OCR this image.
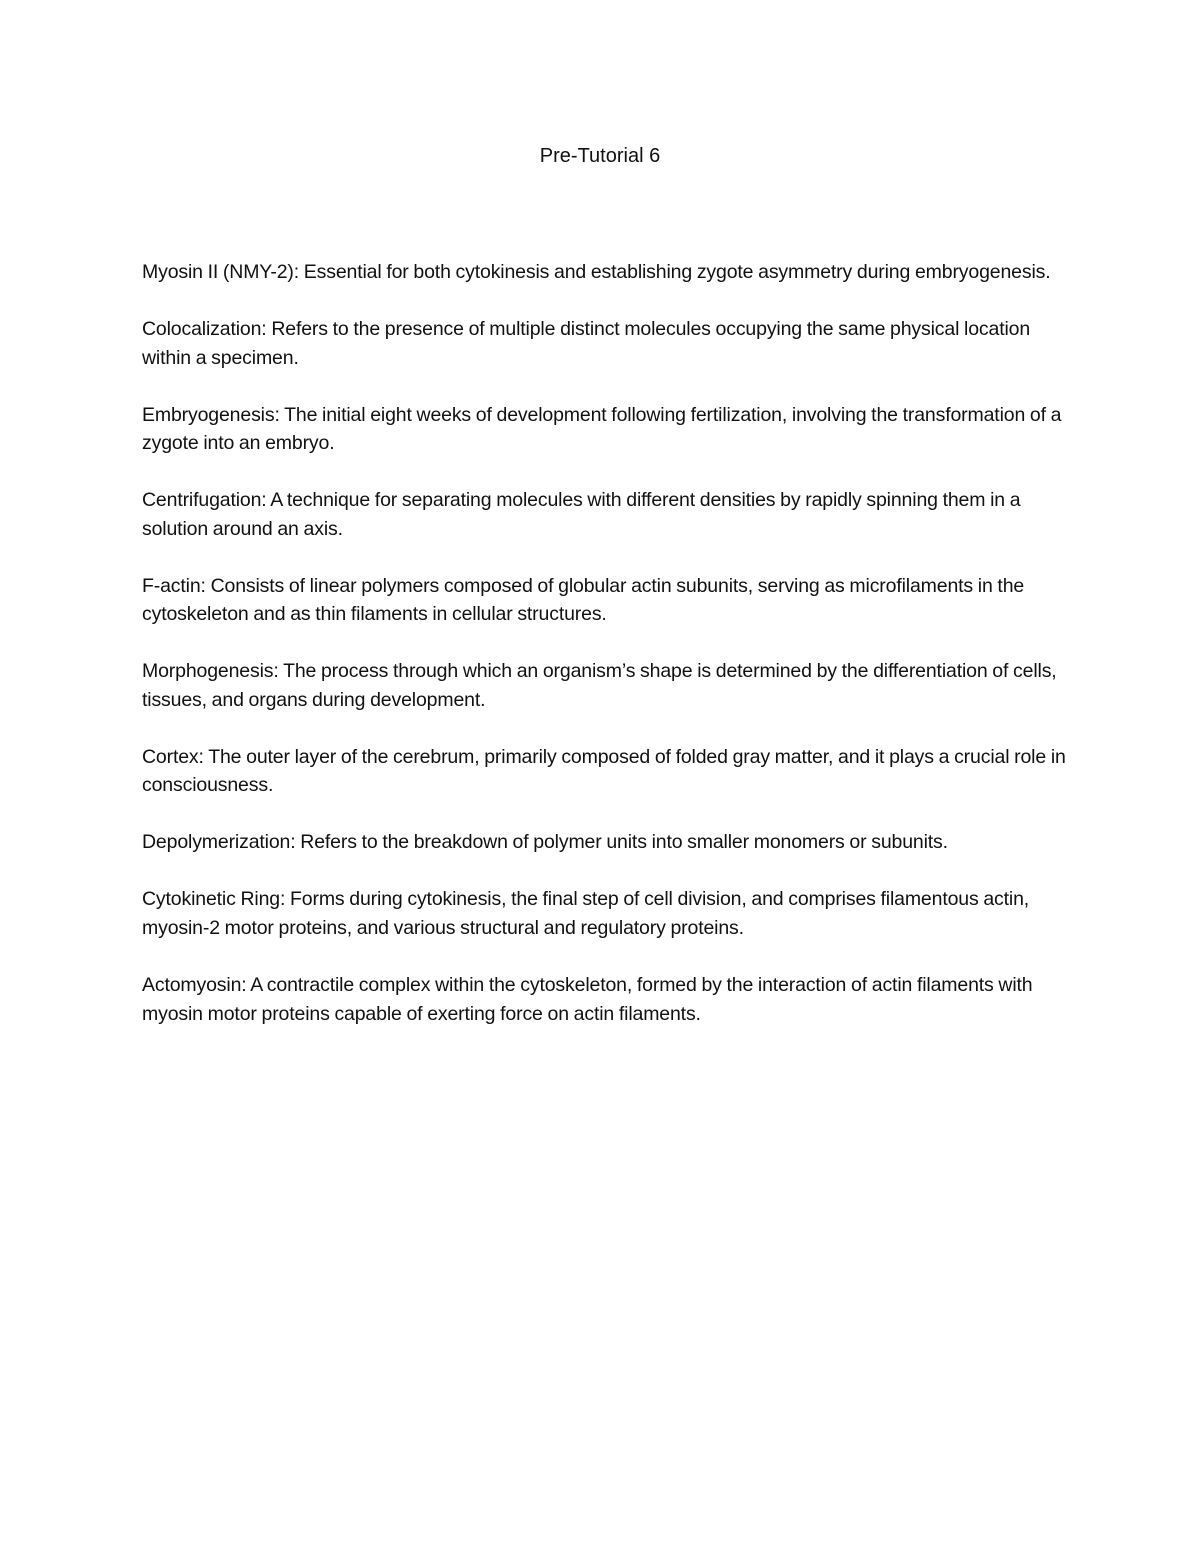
Pre-Tutorial 6

Myosin II (NMY-2): Essential for both cytokinesis and establishing zygote asymmetry during embryogenesis.

Colocalization: Refers to the presence of multiple distinct molecules occupying the same physical location within a specimen.

Embryogenesis: The initial eight weeks of development following fertilization, involving the transformation of a zygote into an embryo.

Centrifugation: A technique for separating molecules with different densities by rapidly spinning them in a solution around an axis.

F-actin: Consists of linear polymers composed of globular actin subunits, serving as microfilaments in the cytoskeleton and as thin filaments in cellular structures.

Morphogenesis: The process through which an organism’s shape is determined by the differentiation of cells, tissues, and organs during development.

Cortex: The outer layer of the cerebrum, primarily composed of folded gray matter, and it plays a crucial role in consciousness.

Depolymerization: Refers to the breakdown of polymer units into smaller monomers or subunits.

Cytokinetic Ring: Forms during cytokinesis, the final step of cell division, and comprises filamentous actin, myosin-2 motor proteins, and various structural and regulatory proteins.

Actomyosin: A contractile complex within the cytoskeleton, formed by the interaction of actin filaments with myosin motor proteins capable of exerting force on actin filaments.
